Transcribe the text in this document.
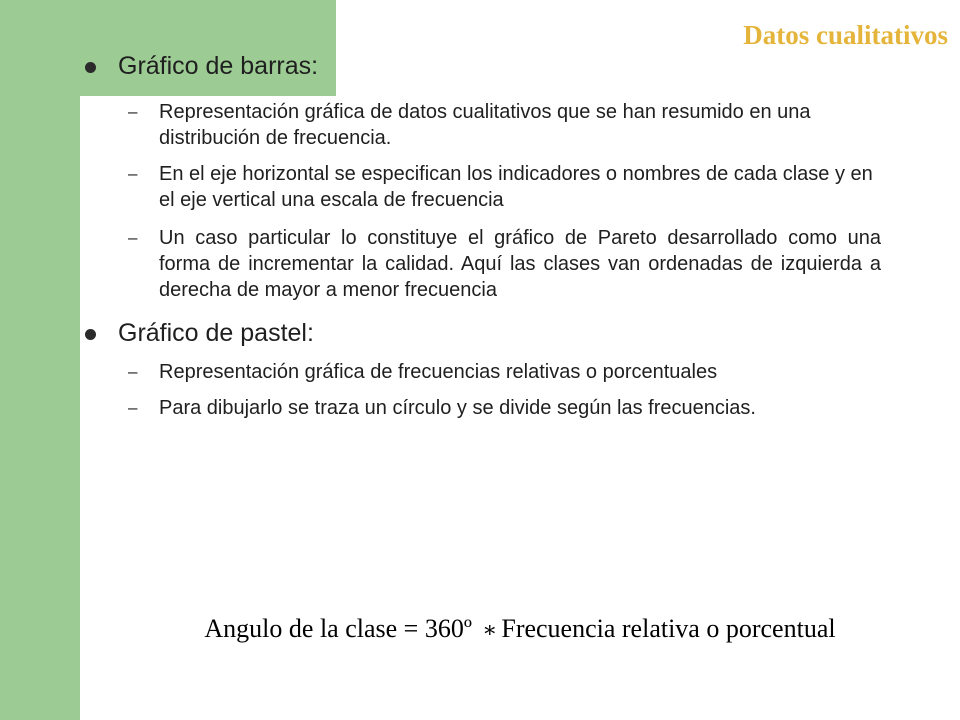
Datos cualitativos
Gráfico de barras:
– Representación gráfica de datos cualitativos que se han resumido en una distribución de frecuencia.
– En el eje horizontal se especifican los indicadores o nombres de cada clase y en el eje vertical una escala de frecuencia
– Un caso particular lo constituye el gráfico de Pareto desarrollado como una forma de incrementar la calidad. Aquí las clases van ordenadas de izquierda a derecha de mayor a menor frecuencia
Gráfico de pastel:
– Representación gráfica de frecuencias relativas o porcentuales
– Para dibujarlo se traza un círculo y se divide según las frecuencias.
Angulo de la clase = 360º ∗ Frecuencia relativa o porcentual
